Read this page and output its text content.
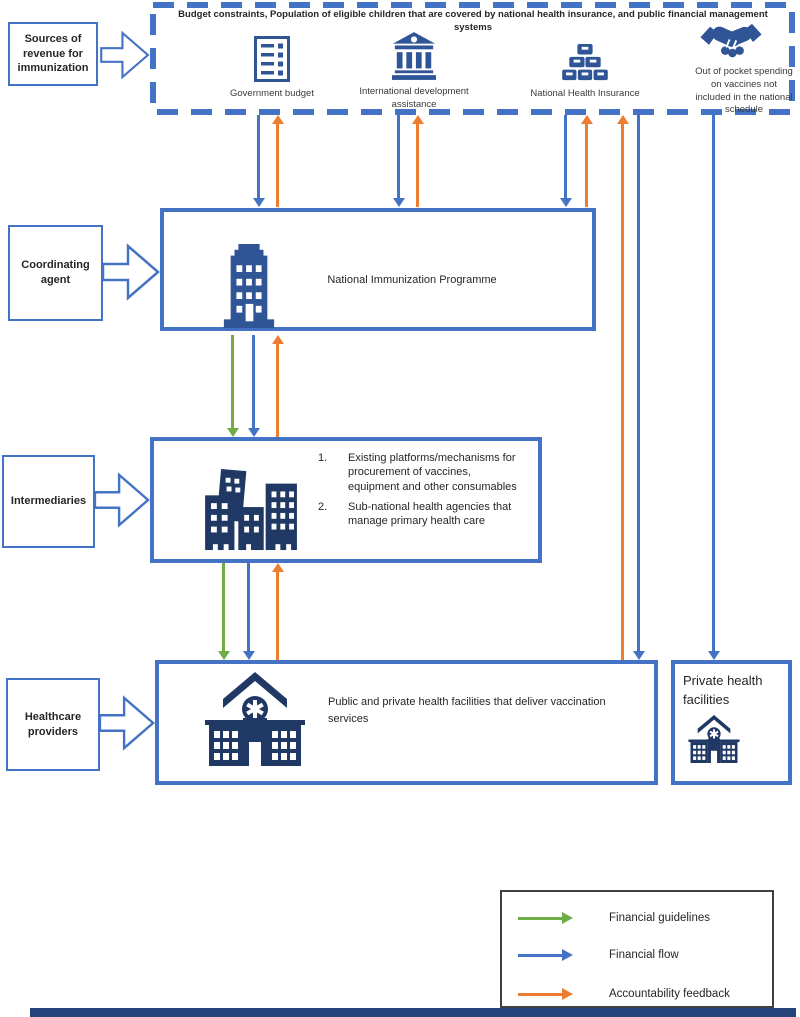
Budget constraints, Population of eligible children that are covered by national health insurance, and public financial management systems
Government budget	International development assistance
National Health Insurance
Out of pocket spending on vaccines not included in the national schedule
Sources of revenue for immunization
Coordinating agent
Intermediaries
Healthcare providers
National Immunization Programme
1.	Existing platforms/mechanisms for procurement of vaccines, equipment and other consumables
2.	Sub-national health agencies that manage primary health care
Public and private health facilities that deliver vaccination services
Private health facilities
Financial guidelines
Financial flow
Accountability feedback
